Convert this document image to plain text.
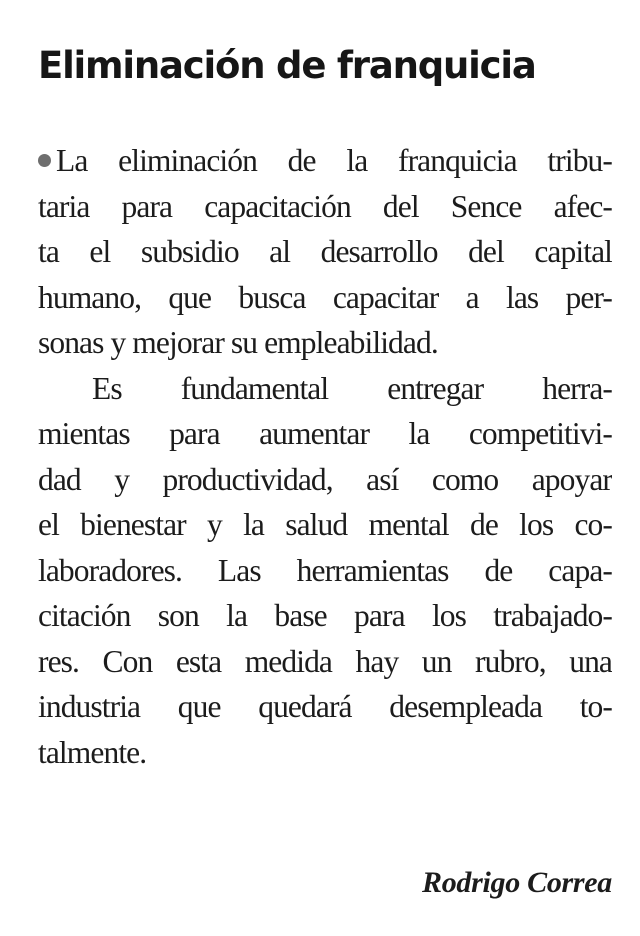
Eliminación de franquicia
La eliminación de la franquicia tribu-
taria para capacitación del Sence afec-
ta el subsidio al desarrollo del capital
humano, que busca capacitar a las per-
sonas y mejorar su empleabilidad.
Es fundamental entregar herra-
mientas para aumentar la competitivi-
dad y productividad, así como apoyar
el bienestar y la salud mental de los co-
laboradores. Las herramientas de capa-
citación son la base para los trabajado-
res. Con esta medida hay un rubro, una
industria que quedará desempleada to-
talmente.
Rodrigo Correa
